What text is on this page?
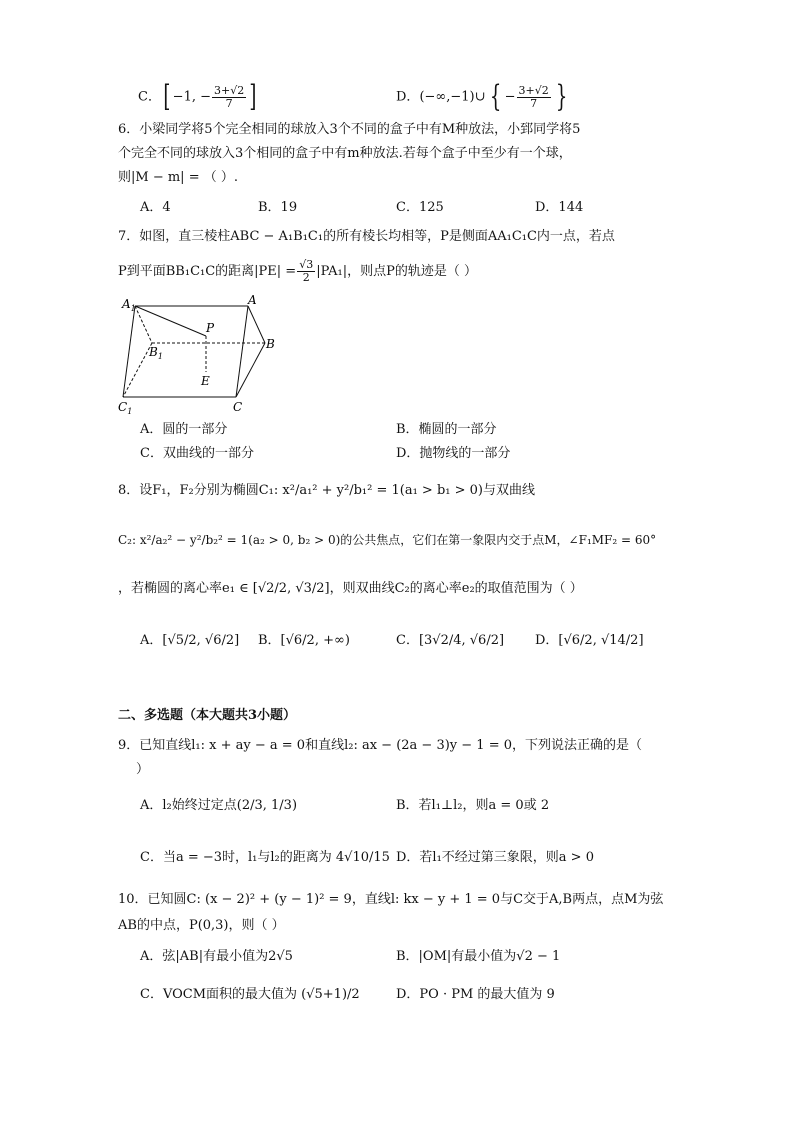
C．[ −1, − $\frac{3+√2}{7}$ ]	D．(−∞,−1)∪ { − $\frac{3+√2}{7}$ }
6．小梁同学将5个完全相同的球放入3个不同的盒子中有M种放法，小郅同学将5
个完全不同的球放入3个相同的盒子中有m种放法.若每个盒子中至少有一个球，
则|M − m| = （ ）.
A．4	B．19	C．125	D．144
7．如图，直三棱柱ABC − A₁B₁C₁的所有棱长均相等，P是侧面AA₁C₁C内一点，若点
P到平面BB₁C₁C的距离$|PE| = \frac{√3}{2} |PA_1|$，则点P的轨迹是（ ）
$A_1$
A
P
$B_1$
B
E
$C_1$	C
A．圆的一部分	B．椭圆的一部分
C．双曲线的一部分	D．抛物线的一部分
8．设F₁，F₂分别为椭圆C₁: x²/a₁² + y²/b₁² = 1(a₁ > b₁ > 0)与双曲线
C₂: x²/a₂² − y²/b₂² = 1(a₂ > 0, b₂ > 0)的公共焦点，它们在第一象限内交于点M，∠F₁MF₂ = 60°
，若椭圆的离心率e₁ ∈ [√2/2, √3/2]，则双曲线C₂的离心率e₂的取值范围为（ ）
A．[√5/2, √6/2] B．[√6/2, +∞)	C．[3√2/4, √6/2] D．[√6/2, √14/2]
二、多选题（本大题共3小题）
9．已知直线l₁: x + ay − a = 0和直线l₂: ax − (2a − 3)y − 1 = 0，下列说法正确的是（
）
A．l₂始终过定点(2/3, 1/3)	B．若l₁⊥l₂，则a = 0或 2
C．当a = −3时，l₁与l₂的距离为 4√10/15 D．若l₁不经过第三象限，则a > 0
10．已知圆C: (x − 2)² + (y − 1)² = 9，直线l: kx − y + 1 = 0与C交于A,B两点，点M为弦
AB的中点，P(0,3)，则（ ）
A．弦|AB|有最小值为2√5	B．|OM|有最小值为√2 − 1
C．VOCM面积的最大值为 (√5+1)/2	D．PO · PM 的最大值为 9
